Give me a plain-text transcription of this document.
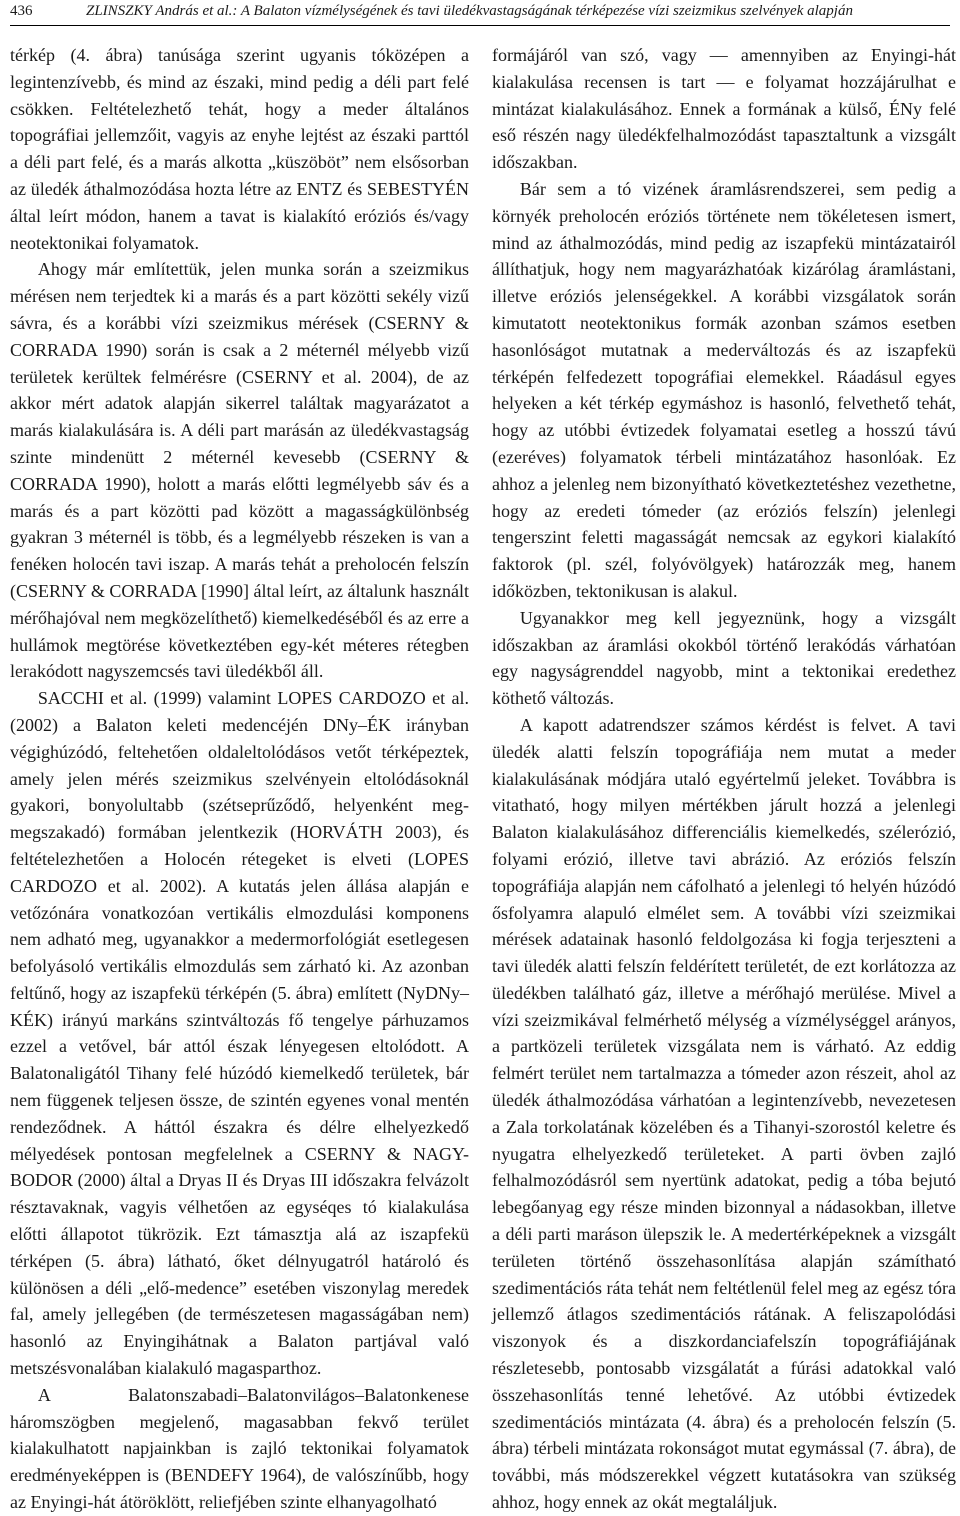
436	ZLINSZKY András et al.: A Balaton vízmélységének és tavi üledékvastagságának térképezése vízi szeizmikus szelvények alapján

térkép (4. ábra) tanúsága szerint ugyanis tóközépen a legintenzívebb, és mind az északi, mind pedig a déli part felé csökken. Feltételezhető tehát, hogy a meder általános topográfiai jellemzőit, vagyis az enyhe lejtést az északi parttól a déli part felé, és a marás alkotta „küszöböt” nem elsősorban az üledék áthalmozódása hozta létre az ENTZ és SEBESTYÉN által leírt módon, hanem a tavat is kialakító eróziós és/vagy neotektonikai folyamatok.

Ahogy már említettük, jelen munka során a szeizmikus mérésen nem terjedtek ki a marás és a part közötti sekély vizű sávra, és a korábbi vízi szeizmikus mérések (CSERNY & CORRADA 1990) során is csak a 2 méternél mélyebb vizű területek kerültek felmérésre (CSERNY et al. 2004), de az akkor mért adatok alapján sikerrel találtak magyarázatot a marás kialakulására is. A déli part marásán az üledékvastagság szinte mindenütt 2 méternél kevesebb (CSERNY & CORRADA 1990), holott a marás előtti legmélyebb sáv és a marás és a part közötti pad között a magasságkülönbség gyakran 3 méternél is több, és a legmélyebb részeken is van a fenéken holocén tavi iszap. A marás tehát a preholocén felszín (CSERNY & CORRADA [1990] által leírt, az általunk használt mérőhajóval nem megközelíthető) kiemelkedéséből és az erre a hullámok megtörése következtében egy-két méteres rétegben lerakódott nagyszemcsés tavi üledékből áll.

SACCHI et al. (1999) valamint LOPES CARDOZO et al. (2002) a Balaton keleti medencéjén DNy–ÉK irányban végighúzódó, feltehetően oldaleltolódásos vetőt térképeztek, amely jelen mérés szeizmikus szelvényein eltolódásoknál gyakori, bonyolultabb (szétseprűződő, helyenként meg-megszakadó) formában jelentkezik (HORVÁTH 2003), és feltételezhetően a Holocén rétegeket is elveti (LOPES CARDOZO et al. 2002). A kutatás jelen állása alapján e vetőzónára vonatkozóan vertikális elmozdulási komponens nem adható meg, ugyanakkor a medermorfológiát esetlegesen befolyásoló vertikális elmozdulás sem zárható ki. Az azonban feltűnő, hogy az iszapfekü térképén (5. ábra) említett (NyDNy–KÉK) irányú markáns szintváltozás fő tengelye párhuzamos ezzel a vetővel, bár attól észak lényegesen eltolódott. A Balatonaligától Tihany felé húzódó kiemelkedő területek, bár nem függenek teljesen össze, de szintén egyenes vonal mentén rendeződnek. A háttól északra és délre elhelyezkedő mélyedések pontosan megfelelnek a CSERNY & NAGY-BODOR (2000) által a Dryas II és Dryas III időszakra felvázolt résztavaknak, vagyis vélhetően az egyséqes tó kialakulása előtti állapotot tükrözik. Ezt támasztja alá az iszapfekü térképen (5. ábra) látható, őket délnyugatról határoló és különösen a déli „elő-medence” esetében viszonylag meredek fal, amely jellegében (de természetesen magasságában nem) hasonló az Enyingihátnak a Balaton partjával való metszésvonalában kialakuló magasparthoz.

A Balatonszabadi–Balatonvilágos–Balatonkenese háromszögben megjelenő, magasabban fekvő terület kialakulhatott napjainkban is zajló tektonikai folyamatok eredményeképpen is (BENDEFY 1964), de valószínűbb, hogy az Enyingi-hát átöröklött, reliefjében szinte elhanyagolható

formájáról van szó, vagy — amennyiben az Enyingi-hát kialakulása recensen is tart — e folyamat hozzájárulhat e mintázat kialakulásához. Ennek a formának a külső, ÉNy felé eső részén nagy üledékfelhalmozódást tapasztaltunk a vizsgált időszakban.

Bár sem a tó vizének áramlásrendszerei, sem pedig a környék preholocén eróziós története nem tökéletesen ismert, mind az áthalmozódás, mind pedig az iszapfekü mintázatairól állíthatjuk, hogy nem magyarázhatóak kizárólag áramlástani, illetve eróziós jelenségekkel. A korábbi vizsgálatok során kimutatott neotektonikus formák azonban számos esetben hasonlóságot mutatnak a mederváltozás és az iszapfekü térképén felfedezett topográfiai elemekkel. Ráadásul egyes helyeken a két térkép egymáshoz is hasonló, felvethető tehát, hogy az utóbbi évtizedek folyamatai esetleg a hosszú távú (ezeréves) folyamatok térbeli mintázatához hasonlóak. Ez ahhoz a jelenleg nem bizonyítható következtetéshez vezethetne, hogy az eredeti tómeder (az eróziós felszín) jelenlegi tengerszint feletti magasságát nemcsak az egykori kialakító faktorok (pl. szél, folyóvölgyek) határozzák meg, hanem időközben, tektonikusan is alakul.

Ugyanakkor meg kell jegyeznünk, hogy a vizsgált időszakban az áramlási okokból történő lerakódás várhatóan egy nagyságrenddel nagyobb, mint a tektonikai eredethez köthető változás.

A kapott adatrendszer számos kérdést is felvet. A tavi üledék alatti felszín topográfiája nem mutat a meder kialakulásának módjára utaló egyértelmű jeleket. Továbbra is vitatható, hogy milyen mértékben járult hozzá a jelenlegi Balaton kialakulásához differenciális kiemelkedés, szélerózió, folyami erózió, illetve tavi abrázió. Az eróziós felszín topográfiája alapján nem cáfolható a jelenlegi tó helyén húzódó ősfolyamra alapuló elmélet sem. A további vízi szeizmikai mérések adatainak hasonló feldolgozása ki fogja terjeszteni a tavi üledék alatti felszín feldérített területét, de ezt korlátozza az üledékben található gáz, illetve a mérőhajó merülése. Mivel a vízi szeizmikával felmérhető mélység a vízmélységgel arányos, a partközeli területek vizsgálata nem is várható. Az eddig felmért terület nem tartalmazza a tómeder azon részeit, ahol az üledék áthalmozódása várhatóan a legintenzívebb, nevezetesen a Zala torkolatának közelében és a Tihanyi-szorostól keletre és nyugatra elhelyezkedő területeket. A parti övben zajló felhalmozódásról sem nyertünk adatokat, pedig a tóba bejutó lebegőanyag egy része minden bizonnyal a nádasokban, illetve a déli parti maráson ülepszik le. A medertérképeknek a vizsgált területen történő összehasonlítása alapján számítható szedimentációs ráta tehát nem feltétlenül felel meg az egész tóra jellemző átlagos szedimentációs rátának. A feliszapolódási viszonyok és a diszkordanciafelszín topográfiájának részletesebb, pontosabb vizsgálatát a fúrási adatokkal való összehasonlítás tenné lehetővé. Az utóbbi évtizedek szedimentációs mintázata (4. ábra) és a preholocén felszín (5. ábra) térbeli mintázata rokonságot mutat egymással (7. ábra), de további, más módszerekkel végzett kutatásokra van szükség ahhoz, hogy ennek az okát megtaláljuk.
